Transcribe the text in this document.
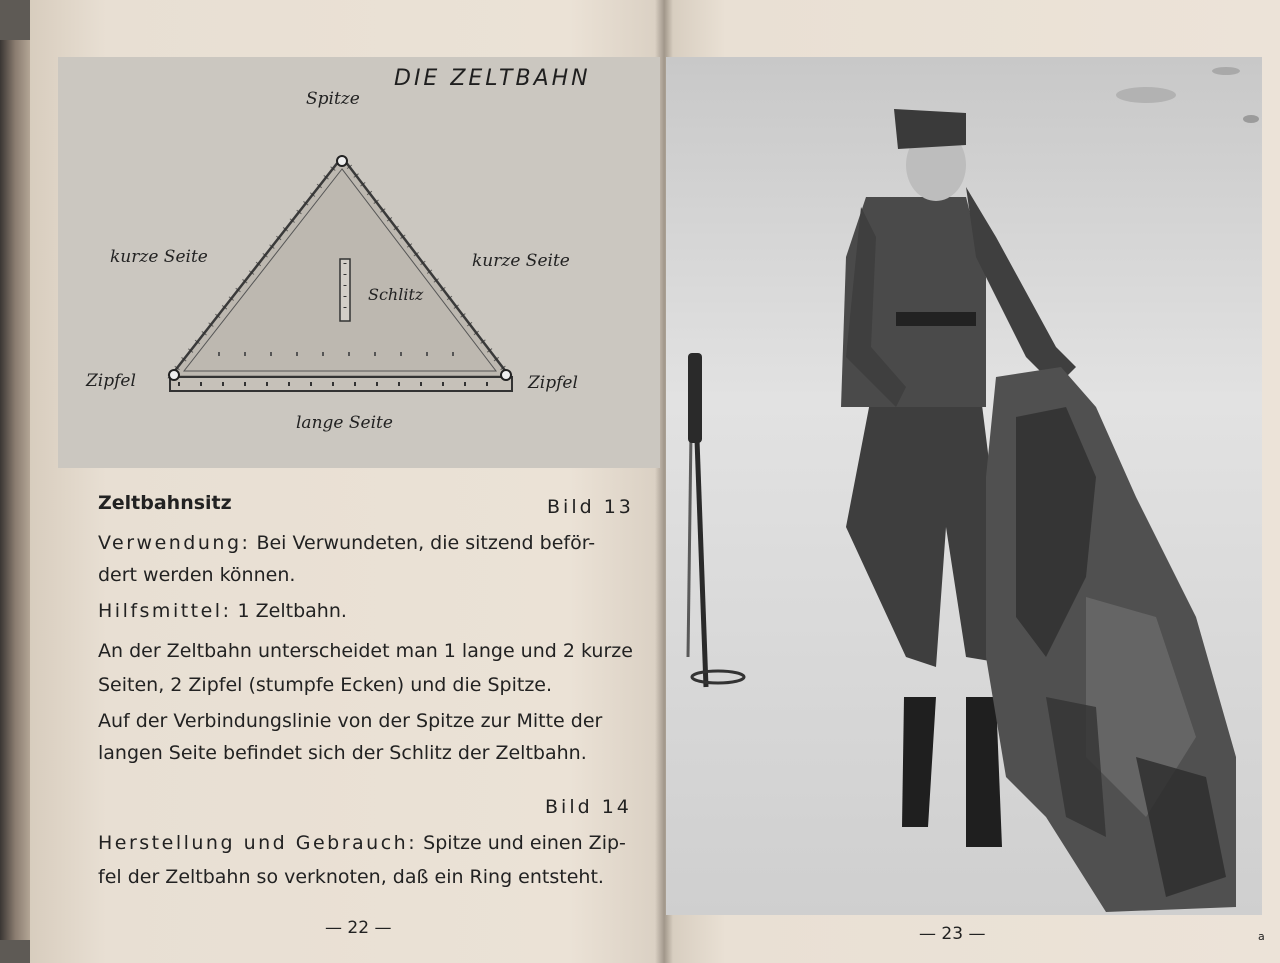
Spitze
kurze Seite	kurze Seite
Schlitz
Zipfel	Zipfel
lange Seite
DIE ZELTBAHN
Zeltbahnsitz	Bild 13
Verwendung: Bei Verwundeten, die sitzend beför-
dert werden können.
Hilfsmittel: 1 Zeltbahn.
An der Zeltbahn unterscheidet man 1 lange und 2 kurze
Seiten, 2 Zipfel (stumpfe Ecken) und die Spitze.
Auf der Verbindungslinie von der Spitze zur Mitte der
langen Seite befindet sich der Schlitz der Zeltbahn.
Bild 14
Herstellung und Gebrauch: Spitze und einen Zip-
fel der Zeltbahn so verknoten, daß ein Ring entsteht.
— 22 —	— 23 —	a
